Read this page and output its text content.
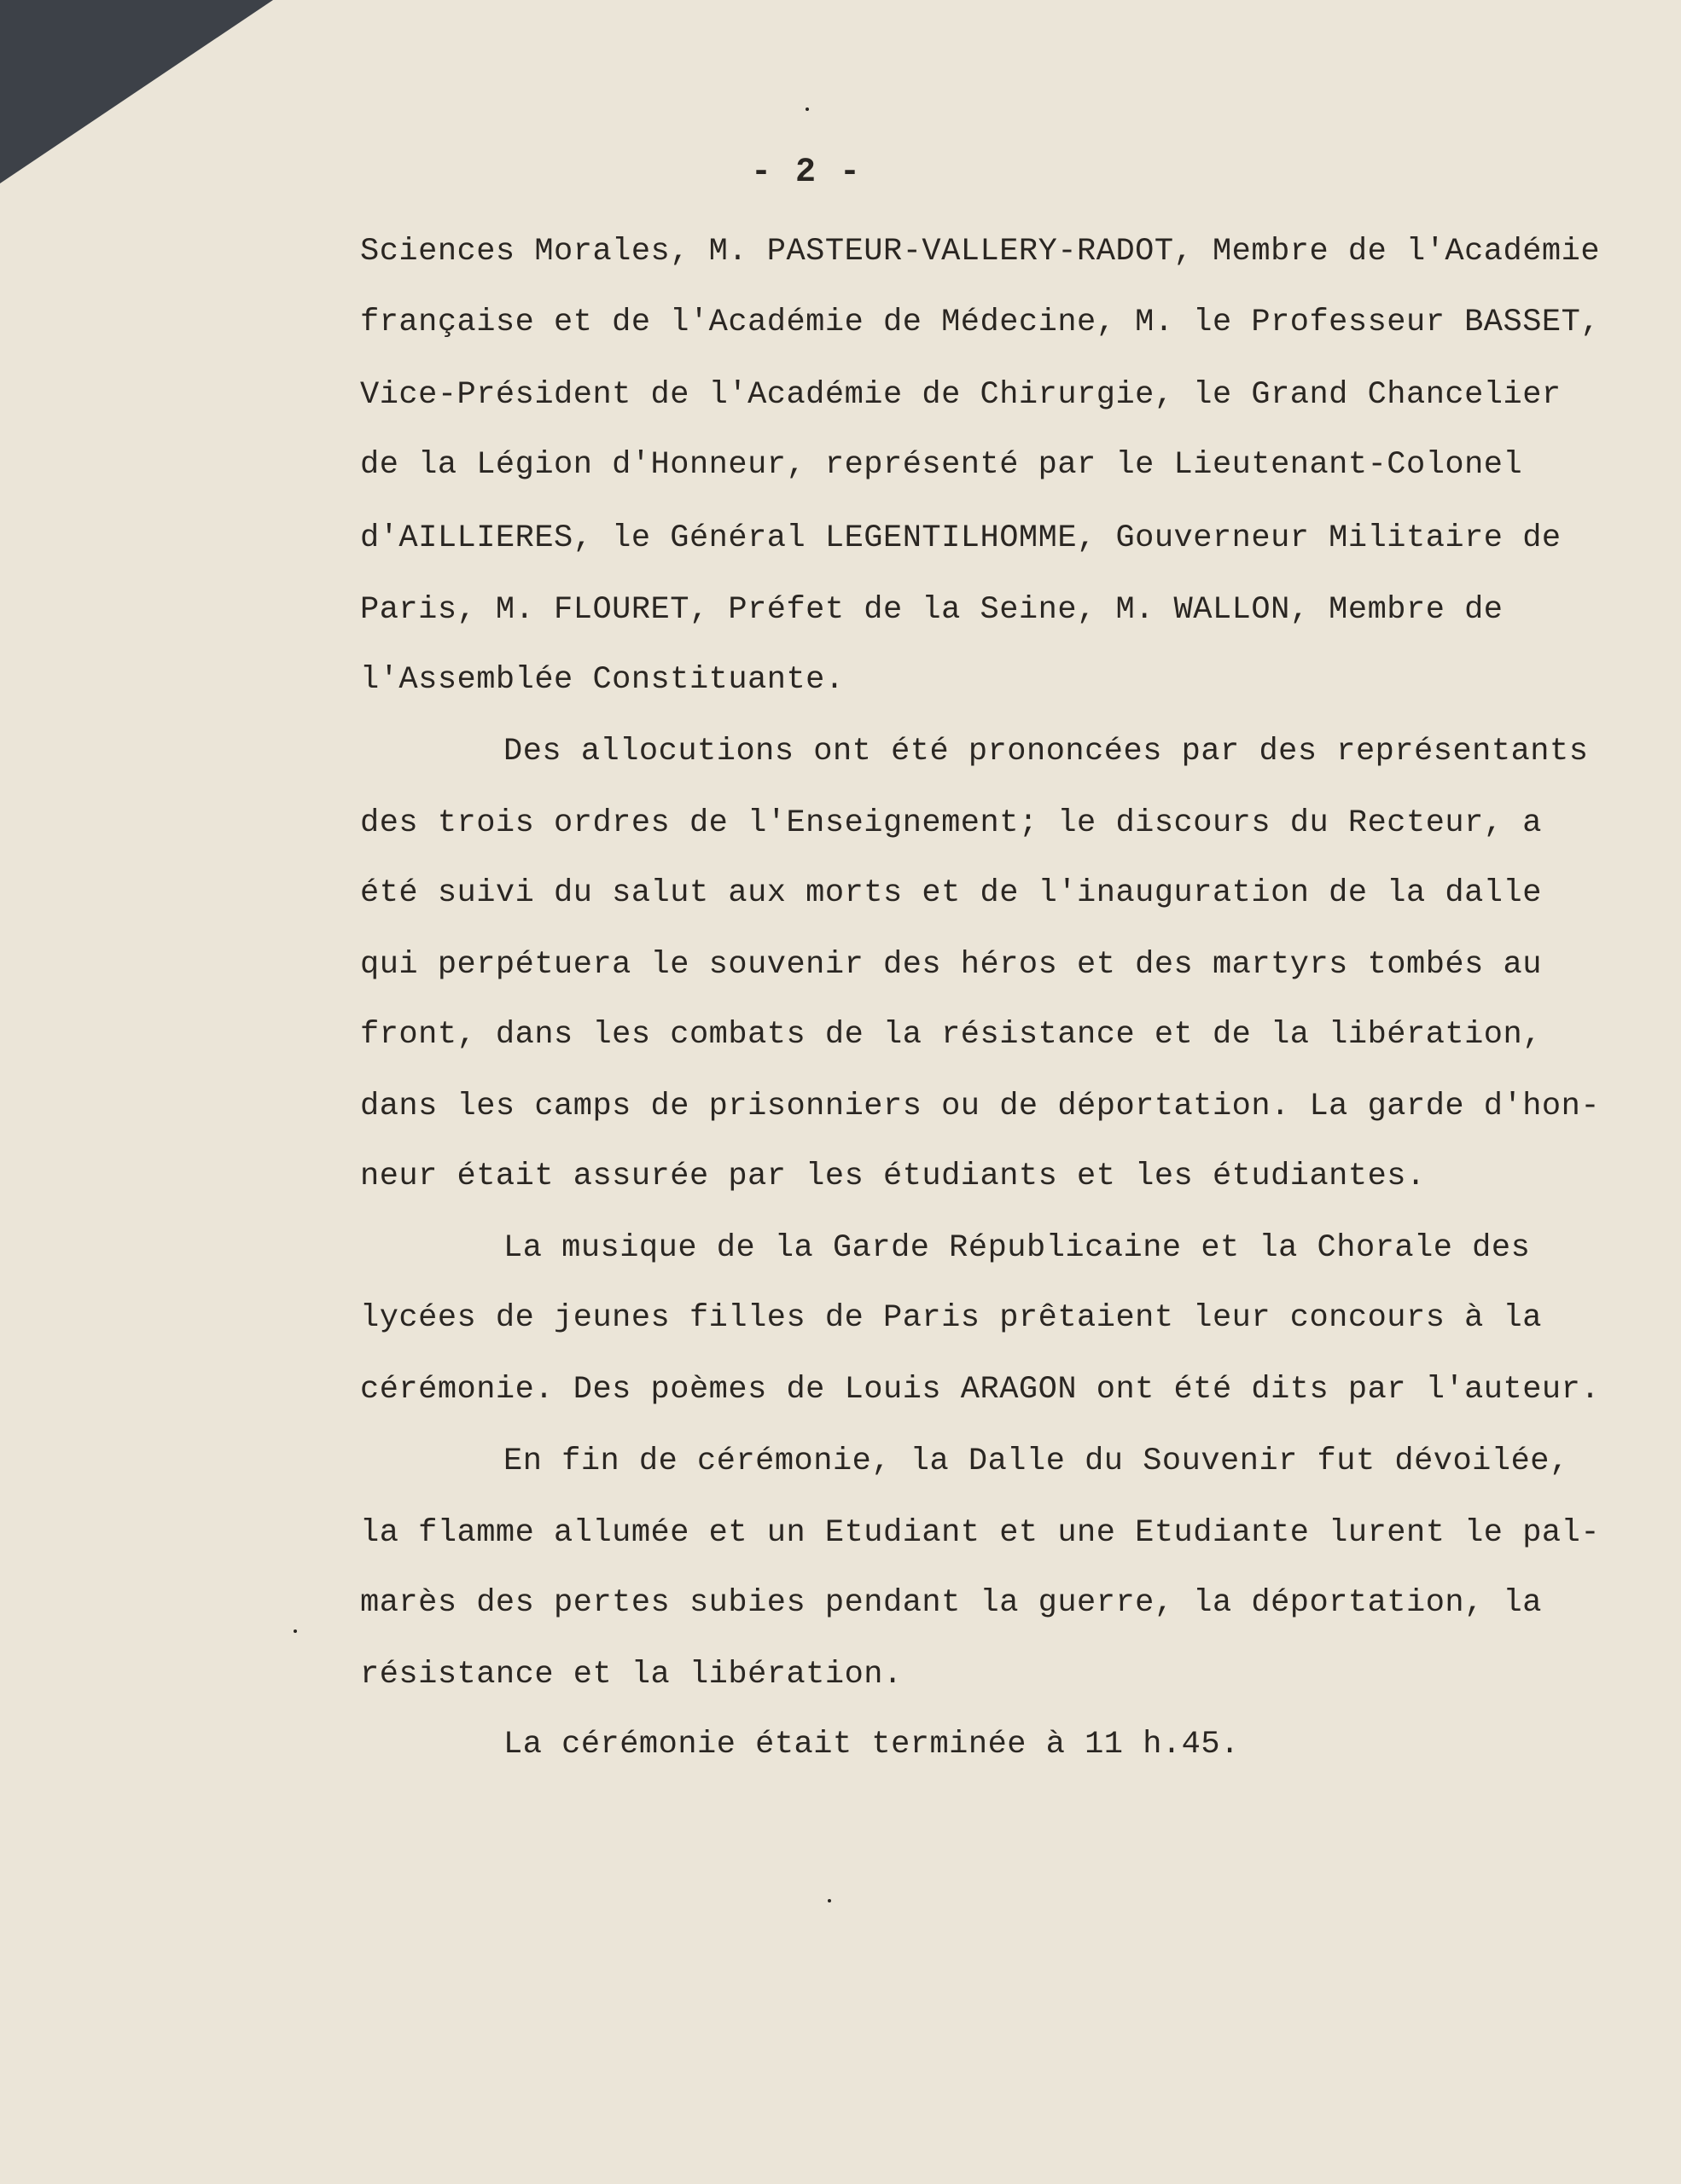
- 2 -

Sciences Morales, M. PASTEUR-VALLERY-RADOT, Membre de l'Académie

française et de l'Académie de Médecine, M. le Professeur BASSET,

Vice-Président de l'Académie de Chirurgie, le Grand Chancelier

de la Légion d'Honneur, représenté par le Lieutenant-Colonel

d'AILLIERES, le Général LEGENTILHOMME, Gouverneur Militaire de

Paris, M. FLOURET, Préfet de la Seine, M. WALLON, Membre de

l'Assemblée Constituante.

Des allocutions ont été prononcées par des représentants

des trois ordres de l'Enseignement; le discours du Recteur, a

été suivi du salut aux morts et de l'inauguration de la dalle

qui perpétuera le souvenir des héros et des martyrs tombés au

front, dans les combats de la résistance et de la libération,

dans les camps de prisonniers ou de déportation. La garde d'hon-

neur était assurée par les étudiants et les étudiantes.

La musique de la Garde Républicaine et la Chorale des

lycées de jeunes filles de Paris prêtaient leur concours à la

cérémonie. Des poèmes de Louis ARAGON ont été dits par l'auteur.

En fin de cérémonie, la Dalle du Souvenir fut dévoilée,

la flamme allumée et un Etudiant et une Etudiante lurent le pal-

marès des pertes subies pendant la guerre, la déportation, la

résistance et la libération.

La cérémonie était terminée à 11 h.45.
